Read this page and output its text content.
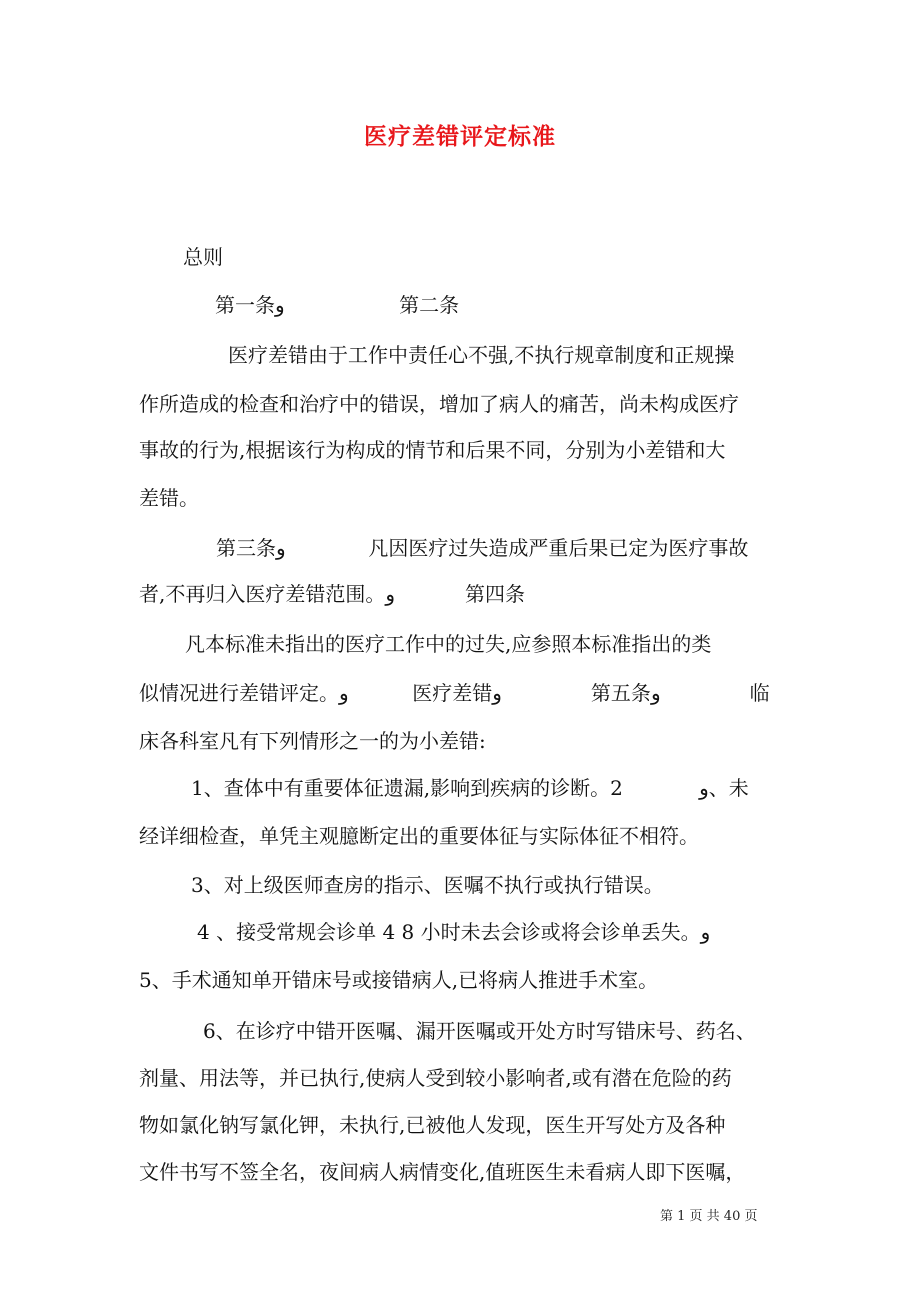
医疗差错评定标准
总则
第一条و                  第二条
医疗差错由于工作中责任心不强,不执行规章制度和正规操
作所造成的检查和治疗中的错误，增加了病人的痛苦，尚未构成医疗
事故的行为,根据该行为构成的情节和后果不同，分别为小差错和大
差错。
第三条و             凡因医疗过失造成严重后果已定为医疗事故
者,不再归入医疗差错范围。و           第四条
凡本标准未指出的医疗工作中的过失,应参照本标准指出的类
似情况进行差错评定。و          医疗差错و              第五条و              临
床各科室凡有下列情形之一的为小差错:
1、查体中有重要体征遗漏,影响到疾病的诊断。2            و、未
经详细检查，单凭主观臆断定出的重要体征与实际体征不相符。
3、对上级医师查房的指示、医嘱不执行或执行错误。
4 、接受常规会诊单 4 8 小时未去会诊或将会诊单丢失。و
5、手术通知单开错床号或接错病人,已将病人推进手术室。
6、在诊疗中错开医嘱、漏开医嘱或开处方时写错床号、药名、
剂量、用法等，并已执行,使病人受到较小影响者,或有潜在危险的药
物如氯化钠写氯化钾，未执行,已被他人发现，医生开写处方及各种
文件书写不签全名，夜间病人病情变化,值班医生未看病人即下医嘱，
第 1 页 共 40 页
